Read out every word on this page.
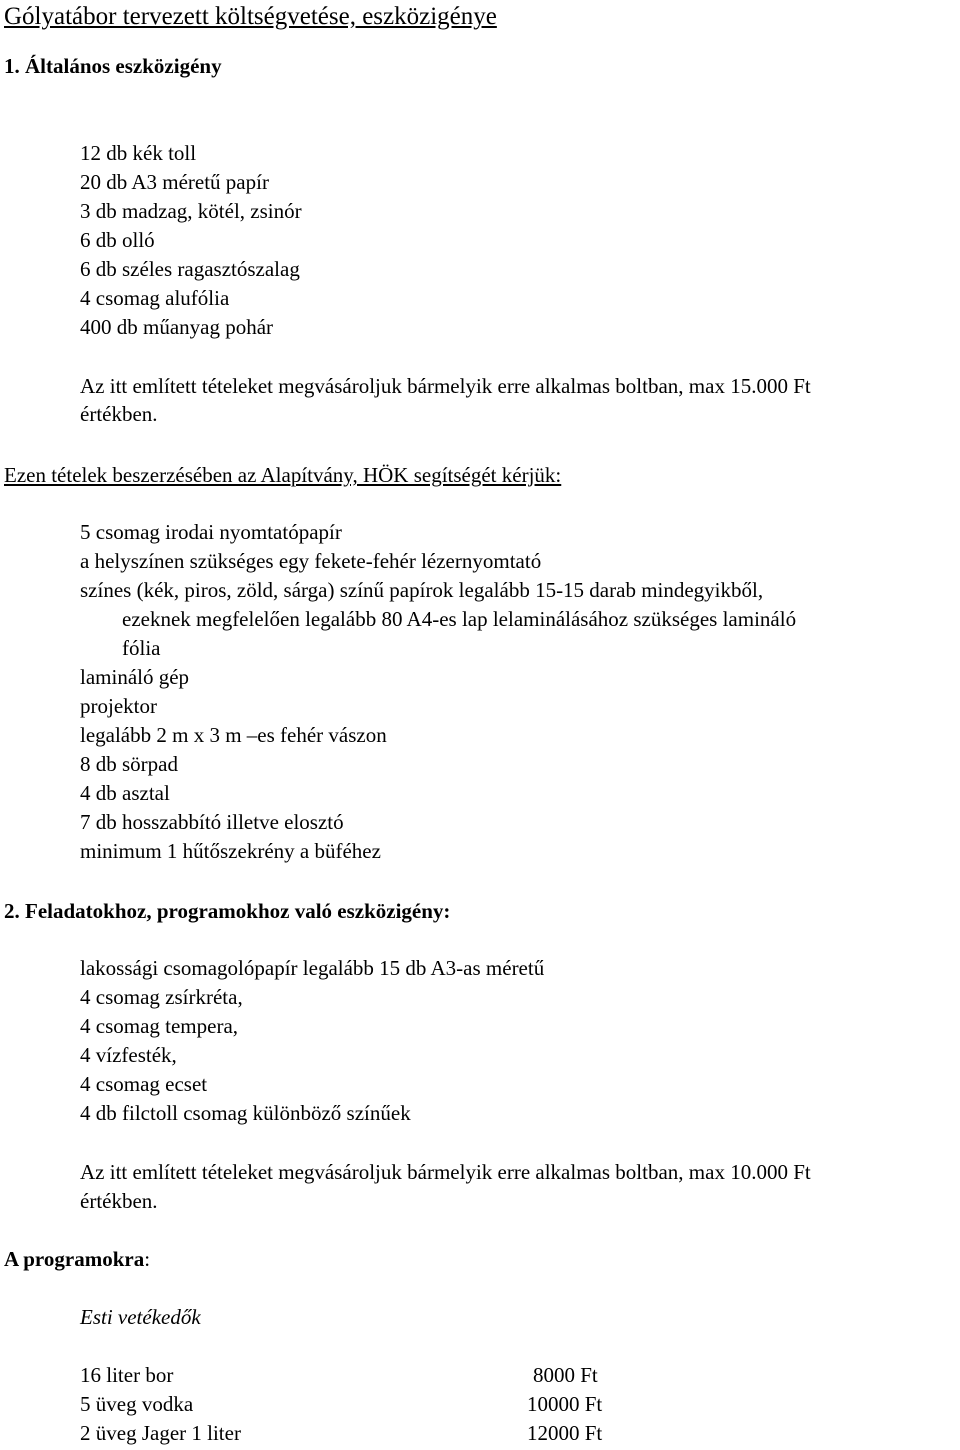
Gólyatábor tervezett költségvetése, eszközigénye
1. Általános eszközigény
12 db kék toll
20 db A3 méretű papír
3 db madzag, kötél, zsinór
6 db olló
6 db széles ragasztószalag
4 csomag alufólia
400 db műanyag pohár
Az itt említett tételeket megvásároljuk bármelyik erre alkalmas boltban, max 15.000 Ft
értékben.
Ezen tételek beszerzésében az Alapítvány, HÖK segítségét kérjük:
5 csomag irodai nyomtatópapír
a helyszínen szükséges egy fekete-fehér lézernyomtató
színes (kék, piros, zöld, sárga) színű papírok legalább 15-15 darab mindegyikből,
ezeknek megfelelően legalább 80 A4-es lap lelaminálásához szükséges lamináló
fólia
lamináló gép
projektor
legalább 2 m x 3 m –es fehér vászon
8 db sörpad
4 db asztal
7 db hosszabbító illetve elosztó
minimum 1 hűtőszekrény a büféhez
2. Feladatokhoz, programokhoz való eszközigény:
lakossági csomagolópapír legalább 15 db A3-as méretű
4 csomag zsírkréta,
4 csomag tempera,
4 vízfesték,
4 csomag ecset
4 db filctoll csomag különböző színűek
Az itt említett tételeket megvásároljuk bármelyik erre alkalmas boltban, max 10.000 Ft
értékben.
A programokra:
Esti vetékedők
16 liter bor	8000 Ft
5 üveg vodka	10000 Ft
2 üveg Jager 1 liter	12000 Ft
